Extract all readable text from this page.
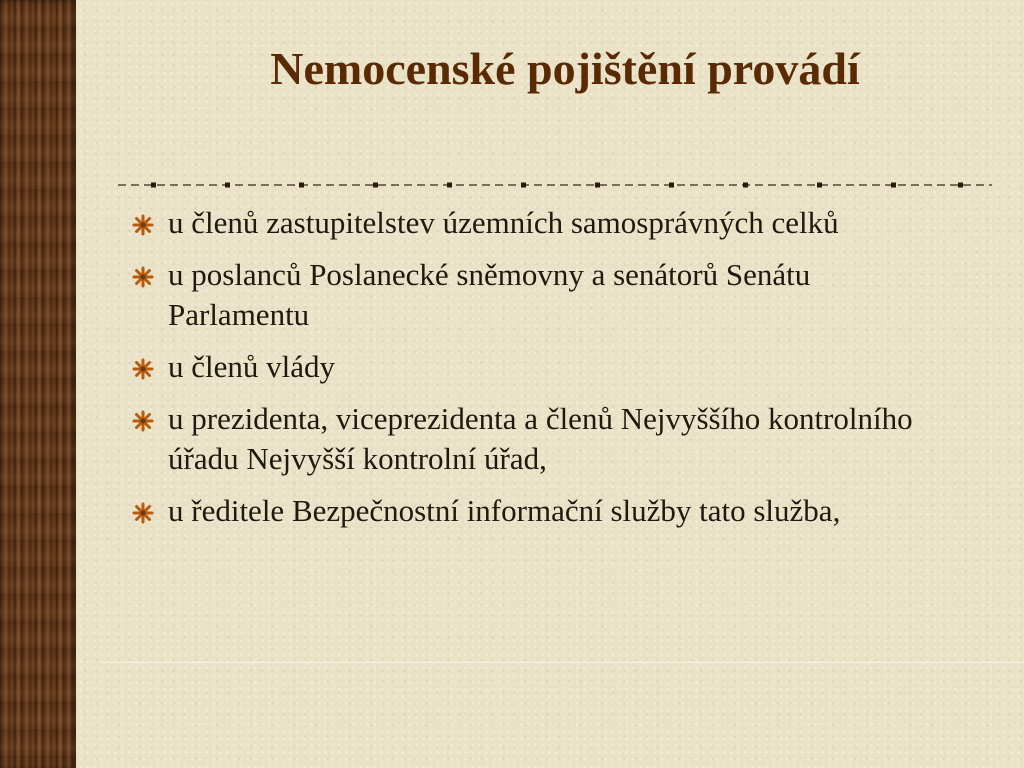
Nemocenské pojištění provádí
u členů zastupitelstev územních samosprávných celků
u poslanců Poslanecké sněmovny a senátorů Senátu Parlamentu
u členů vlády
u prezidenta, viceprezidenta a členů Nejvyššího kontrolního úřadu Nejvyšší kontrolní úřad,
u ředitele Bezpečnostní informační služby tato služba,
